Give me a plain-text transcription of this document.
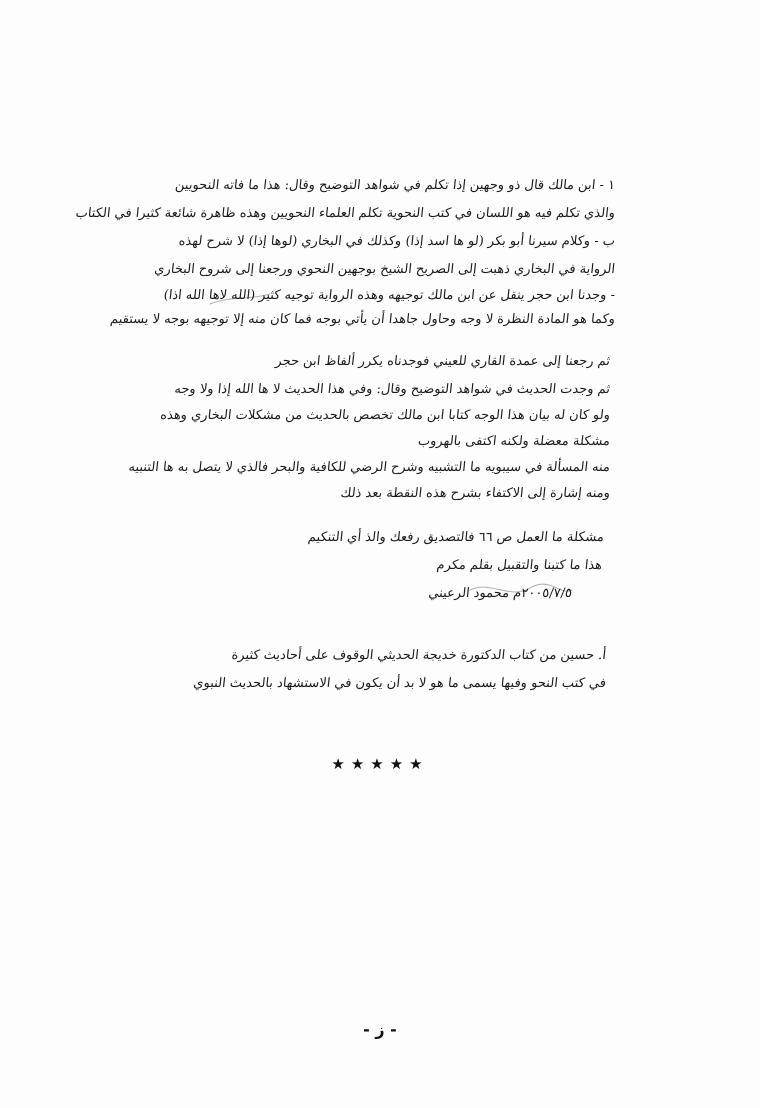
١ - ابن مالك قال ذو وجهين إذا تكلم في شواهد التوضيح وقال: هذا ما فاته النحويين
والذي تكلم فيه هو اللسان في كتب النحوية تكلم العلماء النحويين وهذه ظاهرة شائعة كثيرا في الكتاب
ب - وكلام سيرنا أبو بكر (لو ها اسد إذا) وكذلك في البخاري (لوها إذا) لا شرح لهذه
الرواية في البخاري ذهبت إلى الصريح الشيخ بوجهين النحوي ورجعنا إلى شروح البخاري
- وجدنا ابن حجر ينقل عن ابن مالك توجيهه وهذه الرواية توجيه كثير (الله لاها الله اذا)
وكما هو المادة النظرة لا وجه وحاول جاهدا أن يأتي بوجه فما كان منه إلا توجيهه بوجه لا يستقيم
ثم رجعنا إلى عمدة القاري للعيني فوجدناه يكرر ألفاظ ابن حجر
ثم وجدت الحديث في شواهد التوضيح وقال: وفي هذا الحديث لا ها الله إذا ولا وجه
ولو كان له بيان هذا الوجه كتابا ابن مالك تخصص بالحديث من مشكلات البخاري وهذه
مشكلة معضلة ولكنه اكتفى بالهروب
منه المسألة في سيبويه ما التشبيه وشرح الرضي للكافية والبحر فالذي لا يتصل به ها التنبيه
ومنه إشارة إلى الاكتفاء بشرح هذه النقطة بعد ذلك
مشكلة ما العمل ص ٦٦ فالتصديق رفعك والذ أي التنكيم
هذا ما كتبنا والتقبيل بقلم مكرم
٢٠٠٥/٧/٥م محمود الرعيني
أ. حسين من كتاب الدكتورة خديجة الحديثي الوقوف على أحاديث كثيرة
في كتب النحو وفيها يسمى ما هو لا بد أن يكون في الاستشهاد بالحديث النبوي
★★★★★
- ز -
